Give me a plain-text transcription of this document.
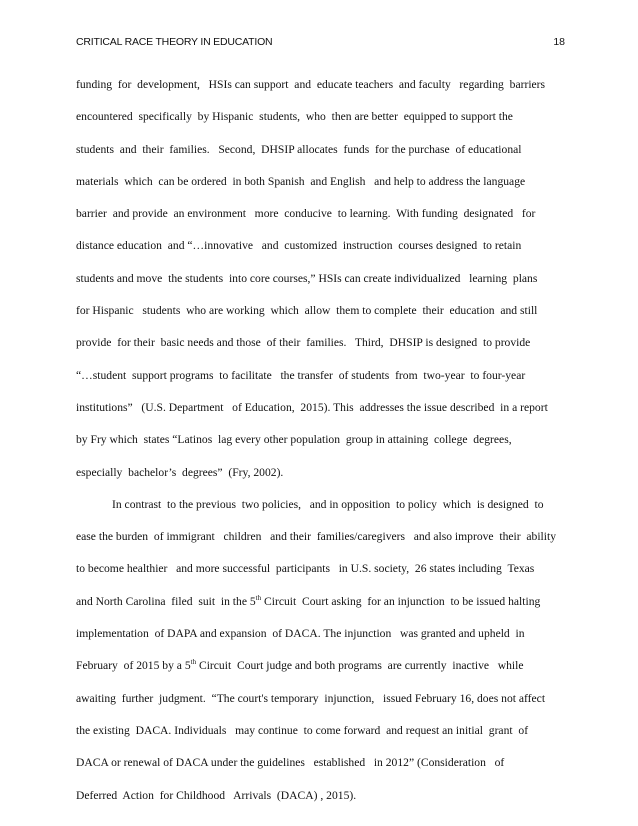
CRITICAL RACE THEORY IN EDUCATION	18

funding  for  development,   HSIs can support  and  educate teachers  and faculty   regarding  barriers
encountered  specifically  by Hispanic  students,  who  then are better  equipped to support the
students  and  their  families.   Second,  DHSIP allocates  funds  for the purchase  of educational
materials  which  can be ordered  in both Spanish  and English   and help to address the language
barrier  and provide  an environment   more  conducive  to learning.  With funding  designated   for
distance education  and “…innovative   and  customized  instruction  courses designed  to retain
students and move  the students  into core courses,” HSIs can create individualized   learning  plans
for Hispanic   students  who are working  which  allow  them to complete  their  education  and still
provide  for their  basic needs and those  of their  families.   Third,  DHSIP is designed  to provide
“…student  support programs  to facilitate   the transfer  of students  from  two-year  to four-year
institutions”   (U.S. Department   of Education,  2015). This  addresses the issue described  in a report
by Fry which  states “Latinos  lag every other population  group in attaining  college  degrees,
especially  bachelor’s  degrees”  (Fry, 2002).

In contrast  to the previous  two policies,   and in opposition  to policy  which  is designed  to
ease the burden  of immigrant   children   and their  families/caregivers   and also improve  their  ability
to become healthier   and more successful  participants   in U.S. society,  26 states including  Texas
and North Carolina  filed  suit  in the 5th Circuit  Court asking  for an injunction  to be issued halting
implementation  of DAPA and expansion  of DACA. The injunction   was granted and upheld  in
February  of 2015 by a 5th Circuit  Court judge and both programs  are currently  inactive   while
awaiting  further  judgment.  “The court's temporary  injunction,   issued February 16, does not affect
the existing  DACA. Individuals   may continue  to come forward  and request an initial  grant  of
DACA or renewal of DACA under the guidelines   established   in 2012” (Consideration   of
Deferred  Action  for Childhood   Arrivals  (DACA) , 2015).
